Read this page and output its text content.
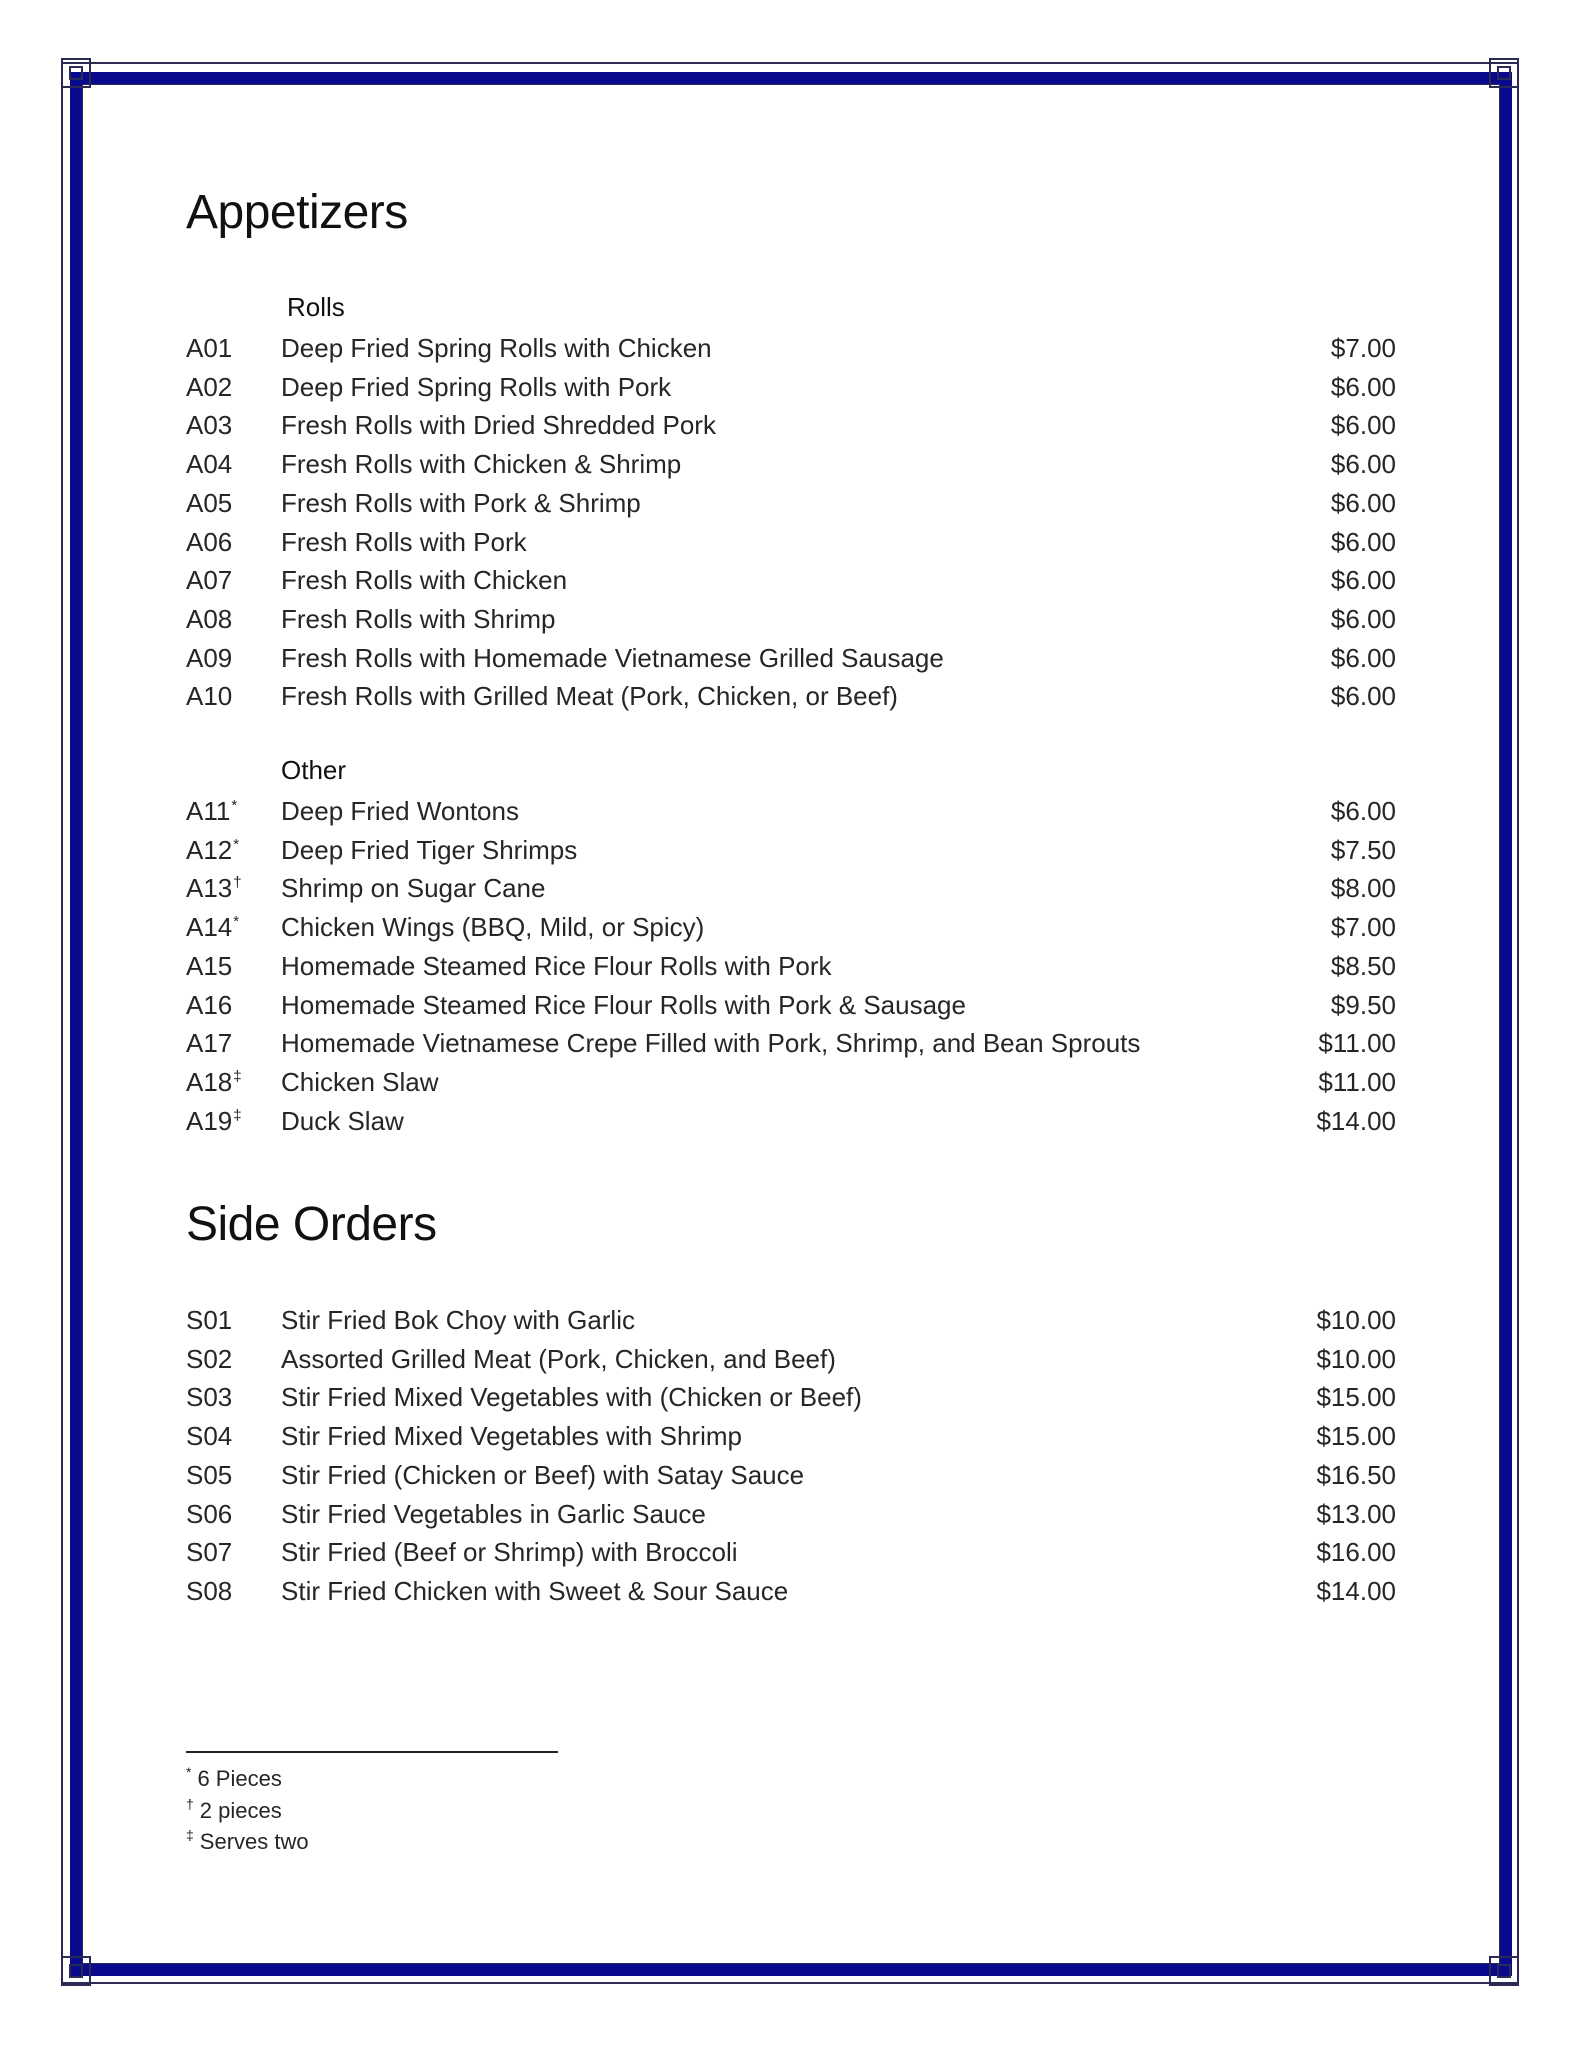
Appetizers
Rolls
A01 Deep Fried Spring Rolls with Chicken	$7.00
A02 Deep Fried Spring Rolls with Pork	$6.00
A03 Fresh Rolls with Dried Shredded Pork	$6.00
A04 Fresh Rolls with Chicken & Shrimp	$6.00
A05 Fresh Rolls with Pork & Shrimp	$6.00
A06 Fresh Rolls with Pork	$6.00
A07 Fresh Rolls with Chicken	$6.00
A08 Fresh Rolls with Shrimp	$6.00
A09 Fresh Rolls with Homemade Vietnamese Grilled Sausage	$6.00
A10 Fresh Rolls with Grilled Meat (Pork, Chicken, or Beef)	$6.00
Other
A11* Deep Fried Wontons	$6.00
A12* Deep Fried Tiger Shrimps	$7.50
A13† Shrimp on Sugar Cane	$8.00
A14* Chicken Wings (BBQ, Mild, or Spicy)	$7.00
A15 Homemade Steamed Rice Flour Rolls with Pork	$8.50
A16 Homemade Steamed Rice Flour Rolls with Pork & Sausage	$9.50
A17 Homemade Vietnamese Crepe Filled with Pork, Shrimp, and Bean Sprouts	$11.00
A18‡ Chicken Slaw	$11.00
A19‡ Duck Slaw	$14.00
Side Orders
S01 Stir Fried Bok Choy with Garlic	$10.00
S02 Assorted Grilled Meat (Pork, Chicken, and Beef)	$10.00
S03 Stir Fried Mixed Vegetables with (Chicken or Beef)	$15.00
S04 Stir Fried Mixed Vegetables with Shrimp	$15.00
S05 Stir Fried (Chicken or Beef) with Satay Sauce	$16.50
S06 Stir Fried Vegetables in Garlic Sauce	$13.00
S07 Stir Fried (Beef or Shrimp) with Broccoli	$16.00
S08 Stir Fried Chicken with Sweet & Sour Sauce	$14.00
* 6 Pieces
† 2 pieces
‡ Serves two
